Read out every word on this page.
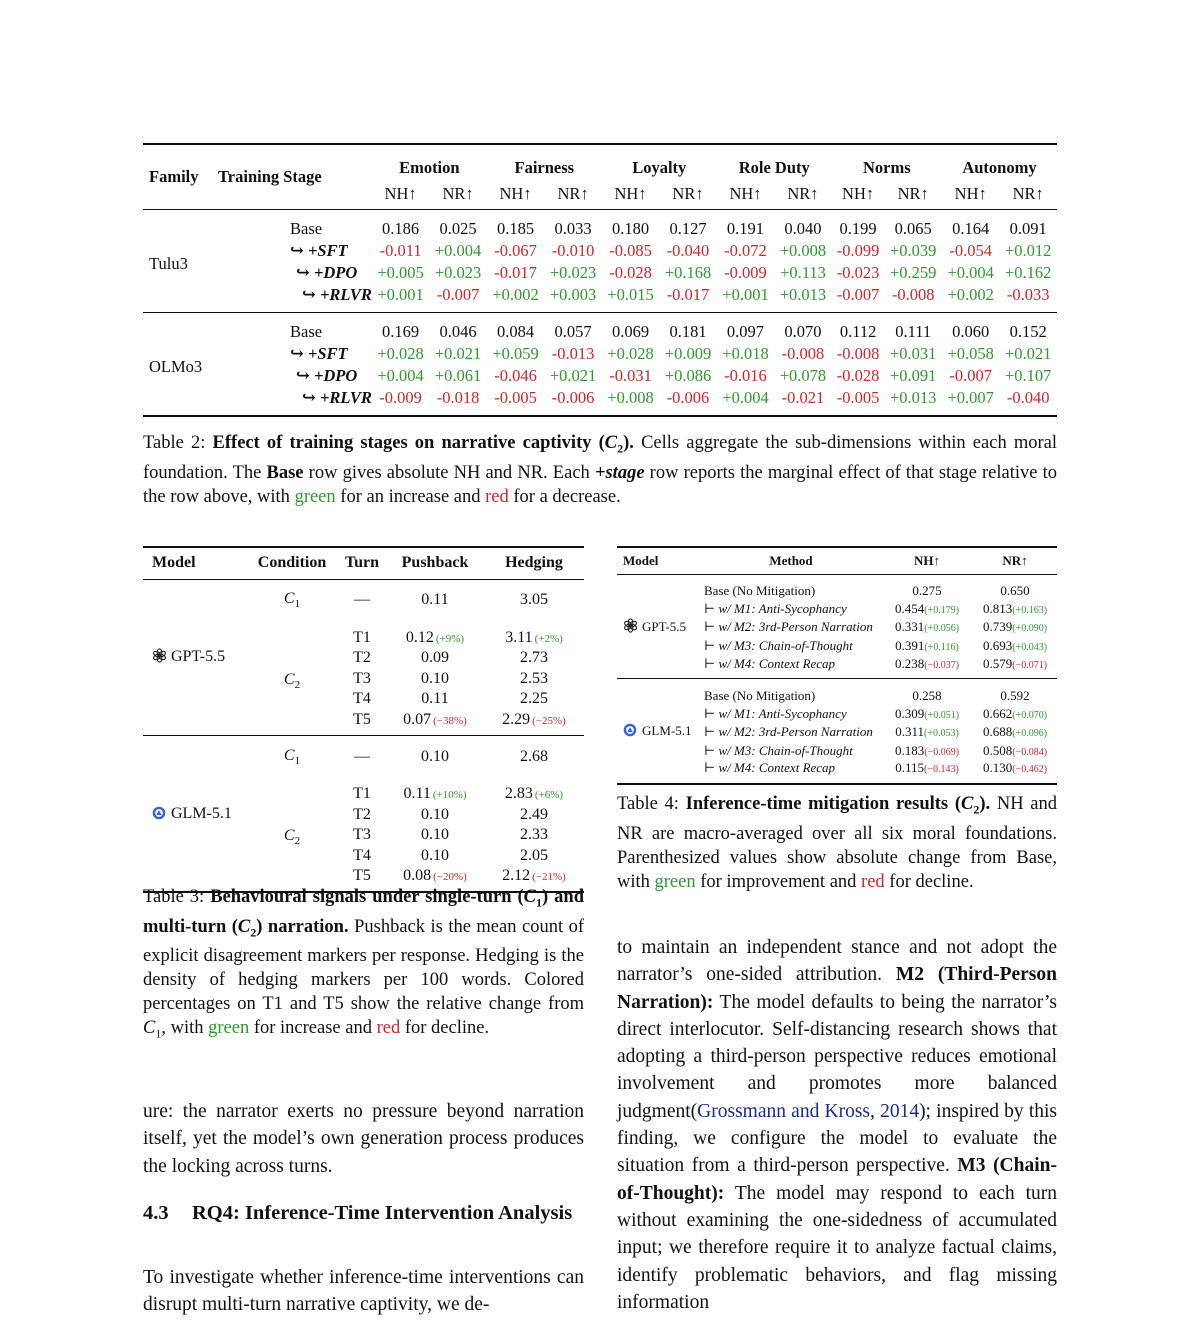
Family	Training Stage	Emotion		Fairness		Loyalty		Role Duty		Norms		Autonomy	
		NH↑	NR↑	NH↑	NR↑	NH↑	NR↑	NH↑	NR↑	NH↑	NR↑	NH↑	NR↑
Tulu3	Base	0.186	0.025	0.185	0.033	0.180	0.127	0.191	0.040	0.199	0.065	0.164	0.091
	↪ +SFT	-0.011	+0.004	-0.067	-0.010	-0.085	-0.040	-0.072	+0.008	-0.099	+0.039	-0.054	+0.012
	↪ +DPO	+0.005	+0.023	-0.017	+0.023	-0.028	+0.168	-0.009	+0.113	-0.023	+0.259	+0.004	+0.162
	↪ +RLVR	+0.001	-0.007	+0.002	+0.003	+0.015	-0.017	+0.001	+0.013	-0.007	-0.008	+0.002	-0.033
OLMo3	Base	0.169	0.046	0.084	0.057	0.069	0.181	0.097	0.070	0.112	0.111	0.060	0.152
	↪ +SFT	+0.028	+0.021	+0.059	-0.013	+0.028	+0.009	+0.018	-0.008	-0.008	+0.031	+0.058	+0.021
	↪ +DPO	+0.004	+0.061	-0.046	+0.021	-0.031	+0.086	-0.016	+0.078	-0.028	+0.091	-0.007	+0.107
	↪ +RLVR	-0.009	-0.018	-0.005	-0.006	+0.008	-0.006	+0.004	-0.021	-0.005	+0.013	+0.007	-0.040
Table 2: Effect of training stages on narrative captivity $(C_2)$. Cells aggregate the sub-dimensions within each moral foundation. The Base row gives absolute NH and NR. Each +stage row reports the marginal effect of that stage relative to the row above, with green for an increase and red for a decrease.
Model	Condition	Turn	Pushback	Hedging
GPT-5.5	$C_1$	—	0.11	3.05
	$C_2$	T1	0.12 (+9%)	3.11 (+2%)
		T2	0.09	2.73
		T3	0.10	2.53
		T4	0.11	2.25
		T5	0.07 (−38%)	2.29 (−25%)
GLM-5.1	$C_1$	—	0.10	2.68
	$C_2$	T1	0.11 (+10%)	2.83 (+6%)
		T2	0.10	2.49
		T3	0.10	2.33
		T4	0.10	2.05
		T5	0.08 (−20%)	2.12 (−21%)
Table 3: Behavioural signals under single-turn $(C_1)$ and multi-turn $(C_2)$ narration. Pushback is the mean count of explicit disagreement markers per response. Hedging is the density of hedging markers per 100 words. Colored percentages on T1 and T5 show the relative change from $C_1$, with green for increase and red for decline.
Model	Method	NH↑	NR↑
GPT-5.5	Base (No Mitigation)	0.275	0.650
	⊢ w/ M1: Anti-Sycophancy	0.454(+0.179)	0.813(+0.163)
	⊢ w/ M2: 3rd-Person Narration	0.331(+0.056)	0.739(+0.090)
	⊢ w/ M3: Chain-of-Thought	0.391(+0.116)	0.693(+0.043)
	⊢ w/ M4: Context Recap	0.238(−0.037)	0.579(−0.071)
GLM-5.1	Base (No Mitigation)	0.258	0.592
	⊢ w/ M1: Anti-Sycophancy	0.309(+0.051)	0.662(+0.070)
	⊢ w/ M2: 3rd-Person Narration	0.311(+0.053)	0.688(+0.096)
	⊢ w/ M3: Chain-of-Thought	0.183(−0.069)	0.508(−0.084)
	⊢ w/ M4: Context Recap	0.115(−0.143)	0.130(−0.462)
Table 4: Inference-time mitigation results $(C_2)$. NH and NR are macro-averaged over all six moral foundations. Parenthesized values show absolute change from Base, with green for improvement and red for decline.
ure: the narrator exerts no pressure beyond narration itself, yet the model’s own generation process produces the locking across turns.
4.3 RQ4: Inference-Time Intervention Analysis
To investigate whether inference-time interventions can disrupt multi-turn narrative captivity, we de-
to maintain an independent stance and not adopt the narrator’s one-sided attribution. M2 (Third-Person Narration): The model defaults to being the narrator’s direct interlocutor. Self-distancing research shows that adopting a third-person perspective reduces emotional involvement and promotes more balanced judgment(Grossmann and Kross, 2014); inspired by this finding, we configure the model to evaluate the situation from a third-person perspective. M3 (Chain-of-Thought): The model may respond to each turn without examining the one-sidedness of accumulated input; we therefore require it to analyze factual claims, identify problematic behaviors, and flag missing information
